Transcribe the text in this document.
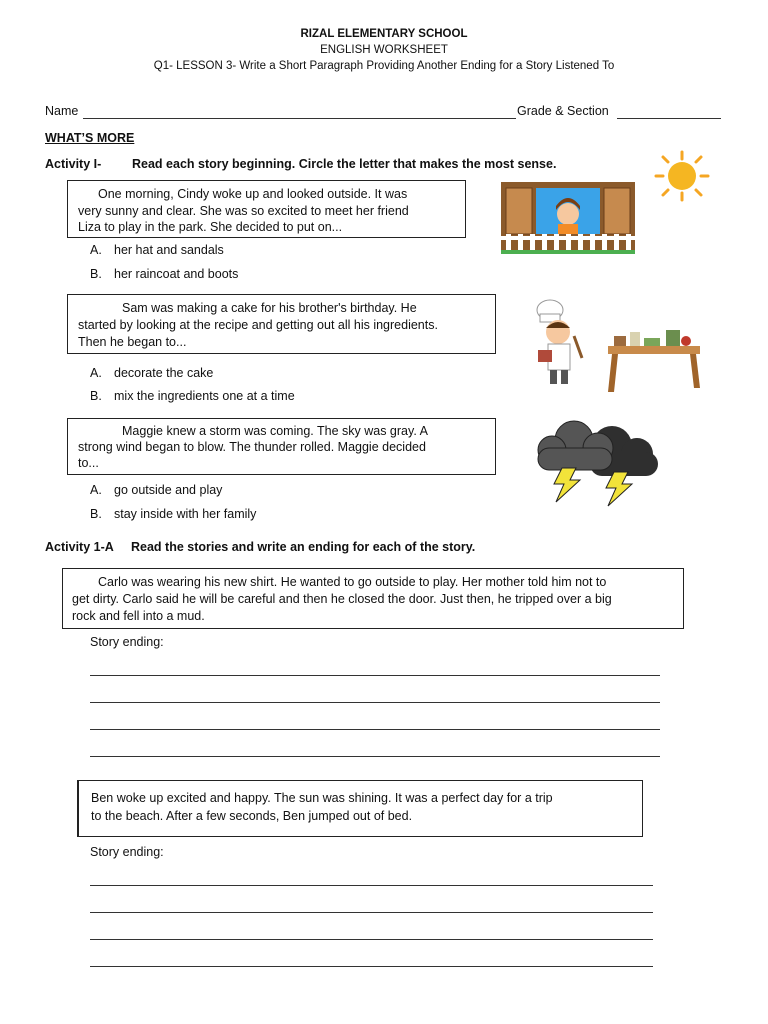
RIZAL ELEMENTARY SCHOOL
ENGLISH WORKSHEET
Q1- LESSON 3- Write a Short Paragraph Providing Another Ending for a Story Listened To
Name	Grade & Section
WHAT’S MORE
Activity I- Read each story beginning. Circle the letter that makes the most sense.
One morning, Cindy woke up and looked outside. It was
very sunny and clear. She was so excited to meet her friend
Liza to play in the park. She decided to put on...
A. her hat and sandals
B. her raincoat and boots
Sam was making a cake for his brother's birthday. He
started by looking at the recipe and getting out all his ingredients.
Then he began to...
A. decorate the cake
B. mix the ingredients one at a time
Maggie knew a storm was coming. The sky was gray. A
strong wind began to blow. The thunder rolled. Maggie decided
to...
A. go outside and play
B. stay inside with her family
Activity 1-A Read the stories and write an ending for each of the story.
Carlo was wearing his new shirt. He wanted to go outside to play. Her mother told him not to
get dirty. Carlo said he will be careful and then he closed the door. Just then, he tripped over a big
rock and fell into a mud.
Story ending:
Ben woke up excited and happy. The sun was shining. It was a perfect day for a trip
to the beach. After a few seconds, Ben jumped out of bed.
Story ending:
